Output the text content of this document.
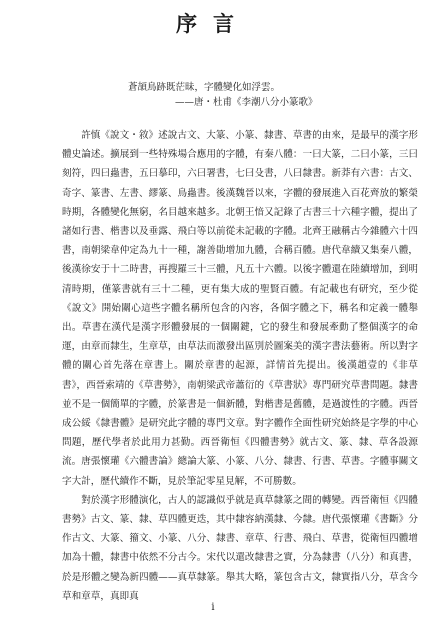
序言
蒼頡鳥跡既茫昧，字體變化如浮雲。
——唐・杜甫《李潮八分小篆歌》

許慎《說文・敘》述說古文、大篆、小篆、隸書、草書的由來，是最早的漢字形體史論述。擴展到一些特殊場合應用的字體，有秦八體：一曰大篆，二曰小篆，三曰刻符，四曰蟲書，五曰摹印，六曰署書，七曰殳書，八曰隸書。新莽有六書：古文、奇字、篆書、左書、繆篆、鳥蟲書。後漢魏晉以來，字體的發展進入百花齊放的繁榮時期，各體變化無窮，名目越來越多。北朝王愔又記錄了古書三十六種字體，提出了諸如行書、楷書以及垂露、飛白等以前從未記載的字體。北齊王融稱古今雜體六十四書，南朝梁韋仲定為九十一種，謝善勛增加九體，合稱百體。唐代韋續又集秦八體，後漢徐安于十二時書，再搜羅三十三體，凡五十六體。以後字體還在陸續增加，到明清時期，僅篆書就有三十二種，更有集大成的聖賢百體。有記載也有研究，至少從《說文》開始關心這些字體名稱所包含的內容，各個字體之下，稱名和定義一體舉出。草書在漢代是漢字形體發展的一個關鍵，它的發生和發展牽動了整個漢字的命運，由章而隸生，生章草，由草法而激發出區別於圖案美的漢字書法藝術。所以對字體的關心首先落在章書上。關於章書的起源，詳情首先提出。後漢趙壹的《非草書》，西晉索靖的《草書勢》，南朝梁武帝蕭衍的《草書狀》專門研究草書問題。隸書並不是一個簡單的字體，於篆書是一個新體，對楷書是舊體，是過渡性的字體。西晉成公綏《隸書體》是研究此字體的專門文章。對字體作全面性研究始終是字學的中心問題，歷代學者於此用力甚勤。西晉衛恒《四體書勢》就古文、篆、隸、草各設源流。唐張懷瓘《六體書論》總論大篆、小篆、八分、隸書、行書、草書。字體事關文字大計，歷代續作不斷，見於筆記零星見解，不可勝數。

對於漢字形體演化，古人的認識似乎就是真草隸篆之間的轉變。西晉衛恒《四體書勢》古文、篆、隸、草四體更迭，其中隸容納漢隸、今隸。唐代張懷瓘《書斷》分作古文、大篆、籀文、小篆、八分、隸書、章草、行書、飛白、草書，從衛恒四體增加為十體，隸書中依然不分古今。宋代以還改隸書之實，分為隸書（八分）和真書，於是形體之變為新四體——真草隸篆。舉其大略，篆包含古文，隸實指八分，草含今草和章草，真即真

i
